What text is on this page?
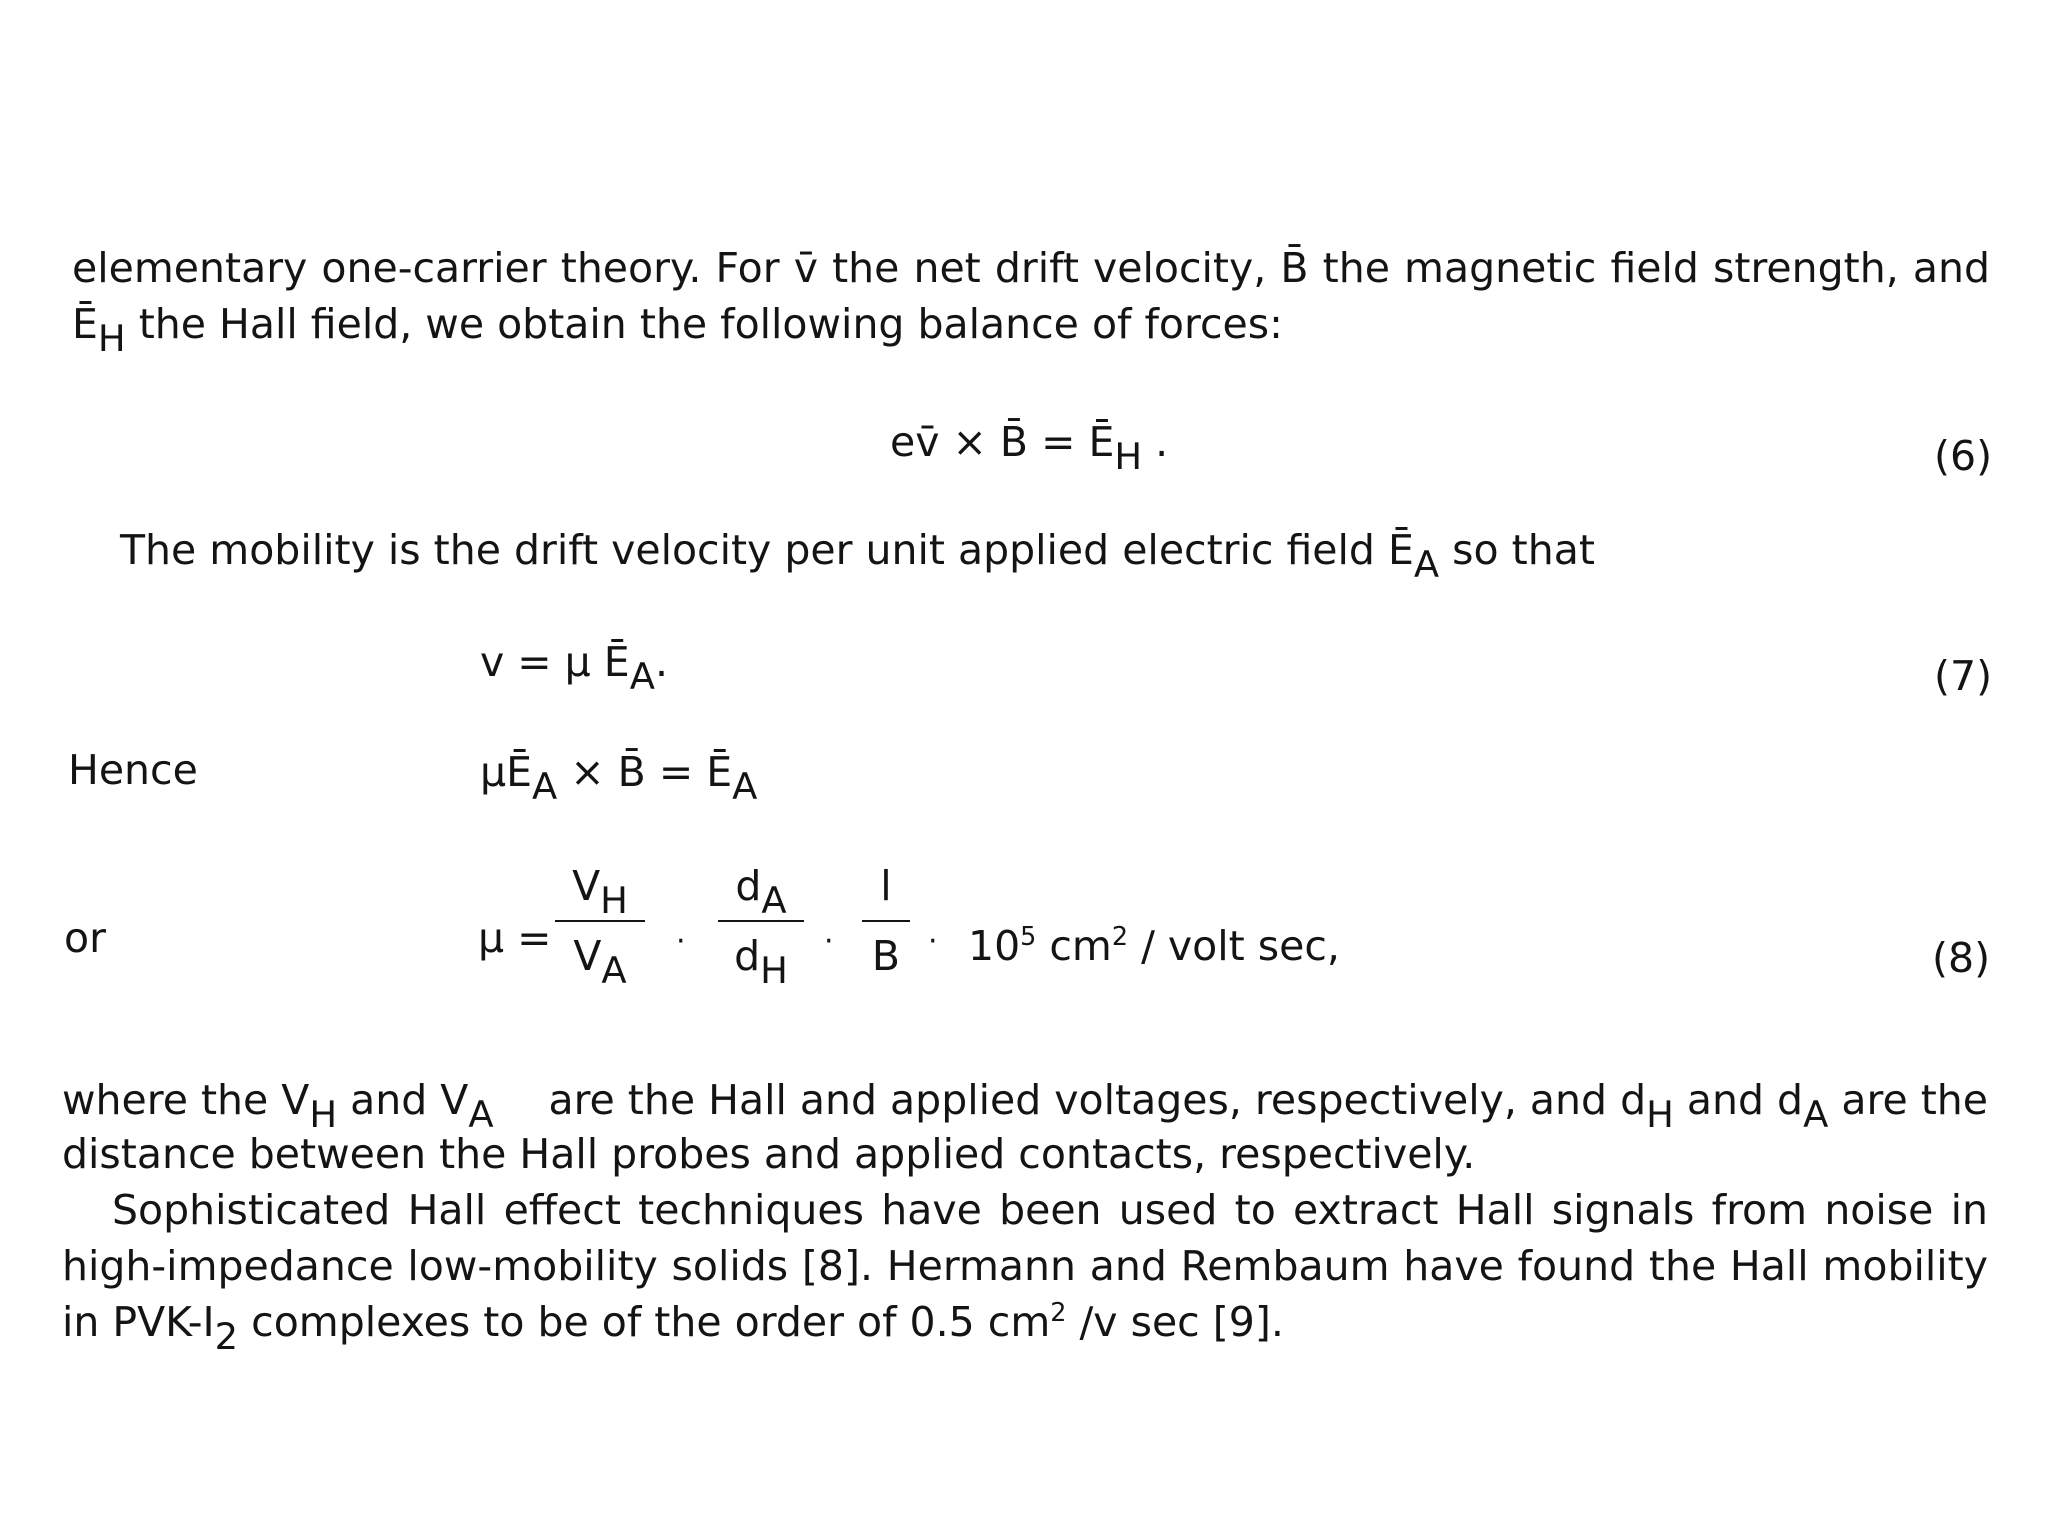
elementary one-carrier theory. For v̄ the net drift velocity, B̄ the magnetic field strength, and
ĒH the Hall field, we obtain the following balance of forces:
ev̄ × B̄ = ĒH .	(6)
The mobility is the drift velocity per unit applied electric field ĒA so that
v = μ ĒA.	(7)
Hence	μĒA × B̄ = ĒA
or	μ =
VH
VA
·
dA
dH
·
l
$B \cdot 10^5$ $cm^2$ / volt sec,	(8)
where the VH and VA are the Hall and applied voltages, respectively, and dH and dA are the
distance between the Hall probes and applied contacts, respectively.
Sophisticated Hall effect techniques have been used to extract Hall signals from noise in
high-impedance low-mobility solids [8]. Hermann and Rembaum have found the Hall mobility
in PVK-I2 complexes to be of the order of 0.5 $cm^2$ /v sec [9].
